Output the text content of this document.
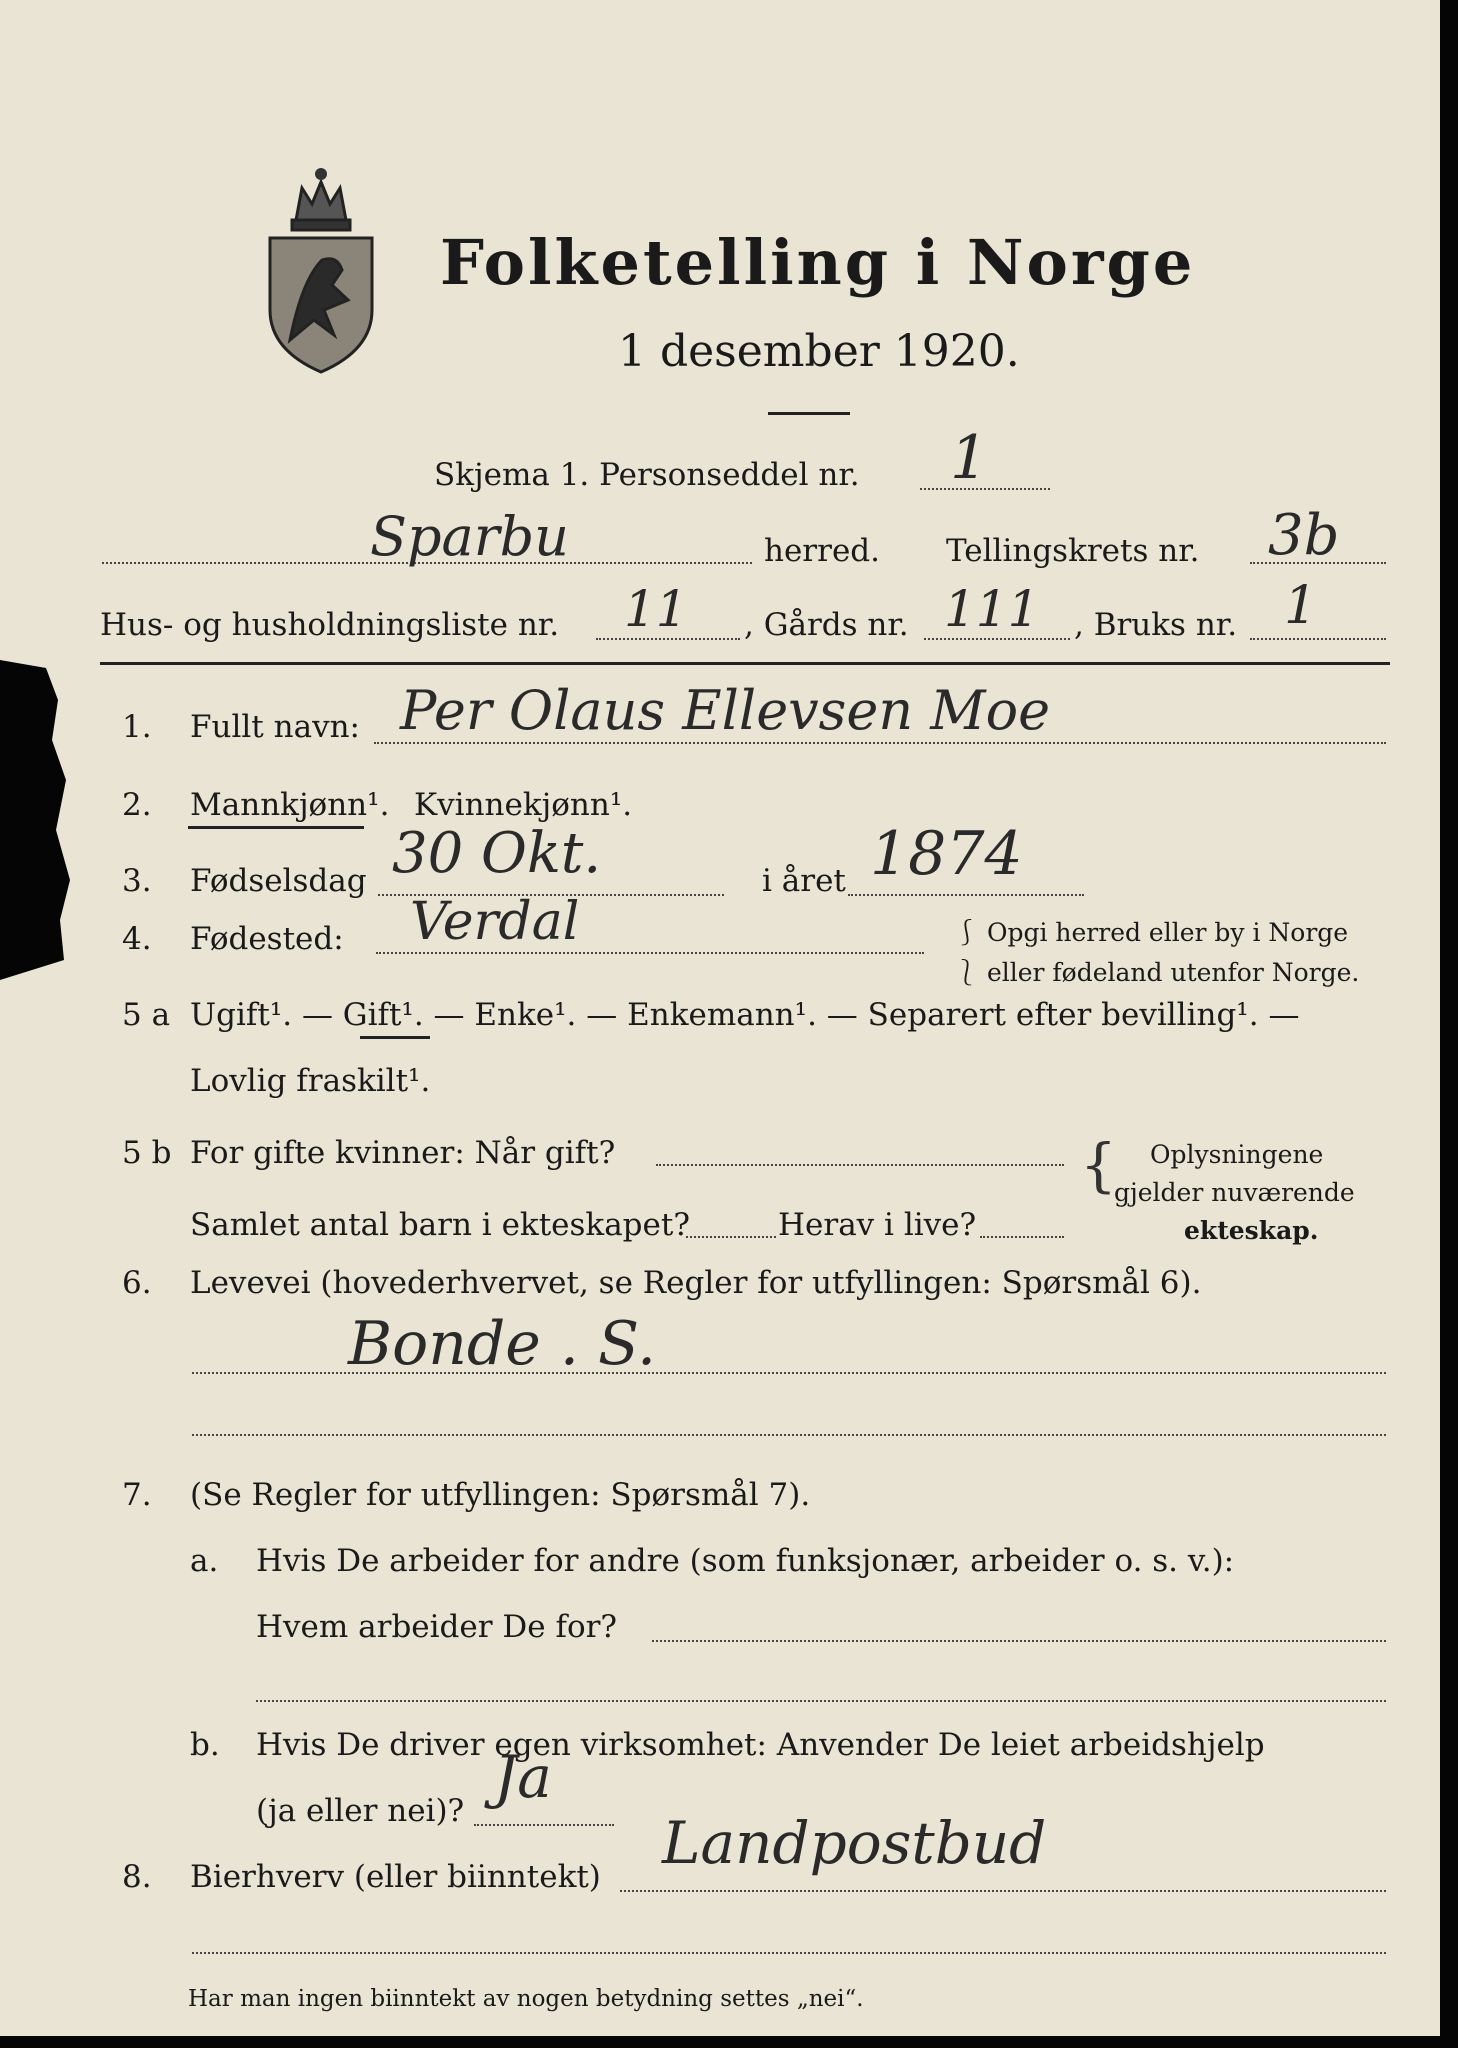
Folketelling i Norge
1 desember 1920.
Skjema 1. Personseddel nr. 1
Sparbu	herred. Tellingskrets nr. 3b
Hus- og husholdningsliste nr. 11 , Gårds nr. 111 , Bruks nr. 1
1. Fullt navn: Per Olaus Ellevsen Moe
2. Mannkjønn¹. Kvinnekjønn¹.
3. Fødselsdag 30 Okt.	i året 1874
4. Fødested: Verdal	⎰ Opgi herred eller by i Norge
⎱ eller fødeland utenfor Norge.
5 a Ugift¹. — Gift¹. — Enke¹. — Enkemann¹. — Separert efter bevilling¹. —
Lovlig fraskilt¹.
5 b For gifte kvinner: Når gift?
Samlet antal barn i ekteskapet?	Herav i live?
{ Oplysningene
gjelder nuværende
ekteskap.
6. Levevei (hovederhvervet, se Regler for utfyllingen: Spørsmål 6).
Bonde . S.
7. (Se Regler for utfyllingen: Spørsmål 7).
a. Hvis De arbeider for andre (som funksjonær, arbeider o. s. v.):
Hvem arbeider De for?
b. Hvis De driver egen virksomhet: Anvender De leiet arbeidshjelp
(ja eller nei)? Ja
8. Bierhverv (eller biinntekt) Landpostbud
Har man ingen biinntekt av nogen betydning settes „nei“.
